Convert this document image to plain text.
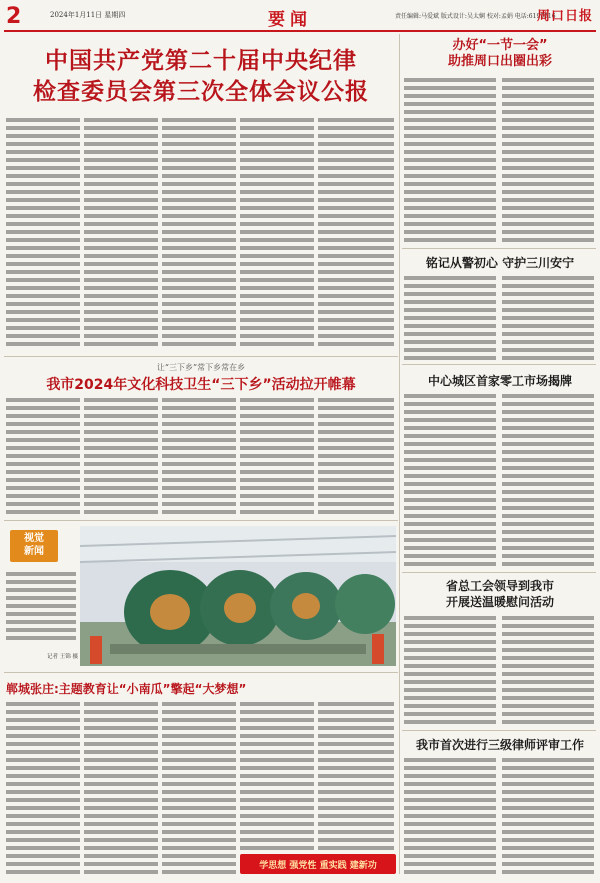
2	2024年1月11日 星期四	要闻	责任编辑:马爱斌 版式设计:吴太娴 校对:孟娟 电话:6199516
周口日报
中国共产党第二十届中央纪律
检查委员会第三次全体会议公报
办好“一节一会”
助推周口出圈出彩
铭记从警初心 守护三川安宁
让“三下乡”常下乡常在乡
我市2024年文化科技卫生“三下乡”活动拉开帷幕	中心城区首家零工市场揭牌
视觉
新闻
记者 王锦 摄
省总工会领导到我市
开展送温暖慰问活动
郸城张庄:主题教育让“小南瓜”擎起“大梦想”
学思想 强党性 重实践 建新功
我市首次进行三级律师评审工作
